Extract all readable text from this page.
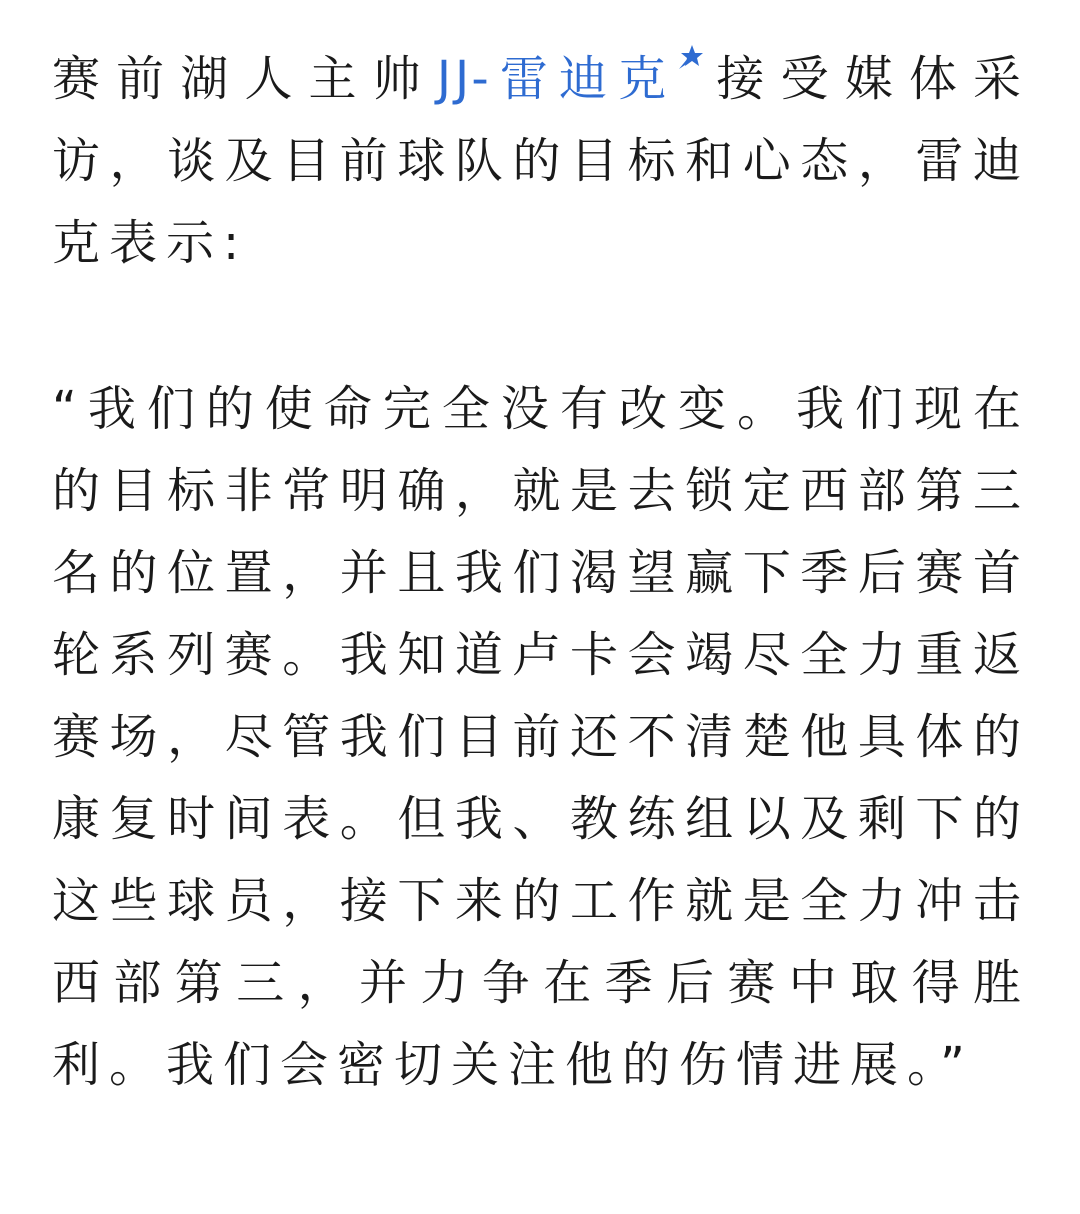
赛前湖人主帅JJ-雷迪克 接受媒体采访，谈及目前球队的目标和心态，雷迪克表示:

“我们的使命完全没有改变。我们现在的目标非常明确，就是去锁定西部第三名的位置，并且我们渴望赢下季后赛首轮系列赛。我知道卢卡会竭尽全力重返赛场，尽管我们目前还不清楚他具体的康复时间表。但我、教练组以及剩下的这些球员，接下来的工作就是全力冲击西部第三，并力争在季后赛中取得胜利。我们会密切关注他的伤情进展。”
